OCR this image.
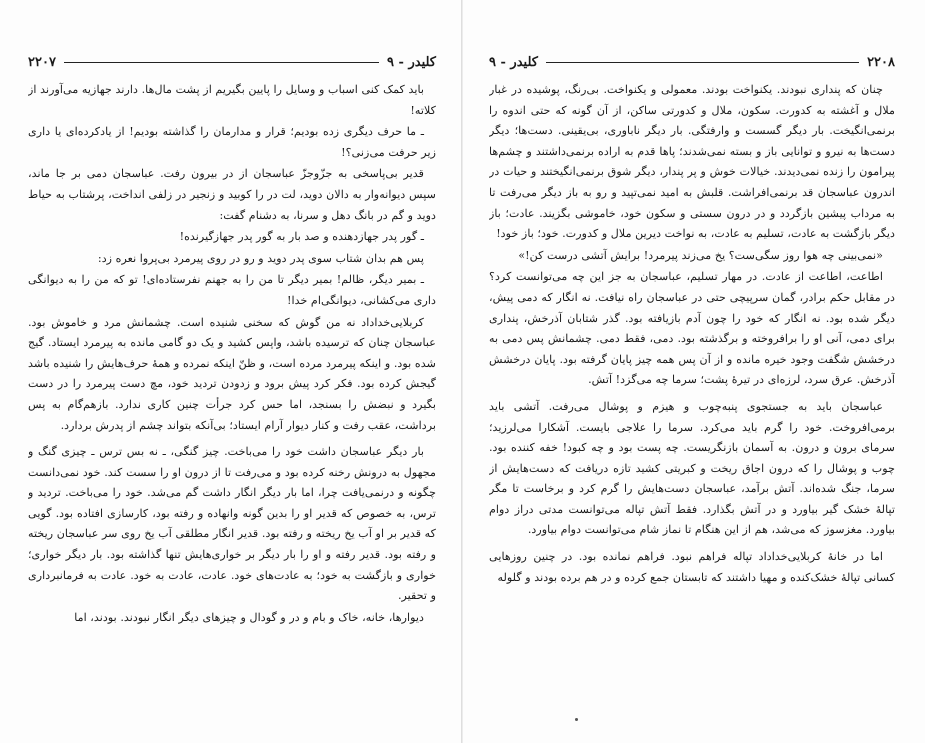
کلیدر - ۹
۲۲۰۷

باید کمک کنی اسباب و وسایل را پایین بگیریم از پشت مال‌ها. دارند جهازیه می‌آورند از کلاته!

ـ ما حرف دیگری زده بودیم؛ قرار و مدارمان را گذاشته بودیم! از یادکرده‌ای یا داری زیر حرفت می‌زنی؟!

قدیر بی‌پاسخی به جزّوجزّ عباسجان از در بیرون رفت. عباسجان دمی بر جا ماند، سپس دیوانه‌وار به دالان دوید، لت در را کوبید و زنجیر در زلفی انداخت، پرشتاب به حیاط دوید و گم در بانگ دهل و سرنا، به دشنام گفت:

ـ گور پدر جهازدهنده و صد بار به گور پدر جهازگیرنده!

پس هم بدان شتاب سوی پدر دوید و رو در روی پیرمرد بی‌پروا نعره زد:

ـ بمیر دیگر، ظالم! بمیر دیگر تا من را به جهنم نفرستاده‌ای! تو که من را به دیوانگی داری می‌کشانی، دیوانگی‌ام خدا!

کربلایی‌خداداد نه من گوش که سخنی شنیده است. چشمانش مرد و خاموش بود. عباسجان چنان که ترسیده باشد، واپس کشید و یک دو گامی مانده به پیرمرد ایستاد. گیج شده بود. و اینکه پیرمرد مرده است، و ظنّ اینکه نمرده و همهٔ حرف‌هایش را شنیده باشد گیجش کرده بود. فکر کرد پیش برود و زدودن تردید خود، مچ دست پیرمرد را در دست بگیرد و نبضش را بسنجد، اما حس کرد جرأت چنین کاری ندارد. بازهم‌گام به پس برداشت، عقب رفت و کنار دیوار آرام ایستاد؛ بی‌آنکه بتواند چشم از پدرش بردارد.

بار دیگر عباسجان داشت خود را می‌باخت. چیز گنگی، ـ نه بس ترس ـ چیزی گنگ و مجهول به درونش رخنه کرده بود و می‌رفت تا از درون او را سست کند. خود نمی‌دانست چگونه و درنمی‌یافت چرا، اما بار دیگر انگار داشت گم می‌شد. خود را می‌باخت. تردید و ترس، به خصوص که قدیر او را بدین گونه وانهاده و رفته بود، کارسازی افتاده بود. گویی که قدیر بر او آب یخ ریخته و رفته بود. قدیر انگار مطلقی آب یخ روی سر عباسجان ریخته و رفته بود. قدیر رفته و او را بار دیگر بر خواری‌هایش تنها گذاشته بود. بار دیگر خواری؛ خواری و بازگشت به خود؛ به عادت‌های خود. عادت، عادت به خود. عادت به فرمانبرداری و تحقیر.

دیوارها، خانه، خاک و بام و در و گودال و چیزهای دیگر انگار نبودند. بودند، اما

۲۲۰۸
کلیدر - ۹

چنان که پنداری نبودند. یکنواخت بودند. معمولی و یکنواخت. بی‌رنگ، پوشیده در غبار ملال و آغشته به کدورت. سکون، ملال و کدورتی ساکن، از آن گونه که حتی اندوه را برنمی‌انگیخت. بار دیگر گسست و وارفتگی. بار دیگر ناباوری، بی‌یقینی. دست‌ها؛ دیگر دست‌ها به نیرو و توانایی باز و بسته نمی‌شدند؛ پاها قدم به اراده برنمی‌داشتند و چشم‌ها پیرامون را زنده نمی‌دیدند. خیالات خوش و پر پندار، دیگر شوق برنمی‌انگیختند و حیات در اندرون عباسجان قد برنمی‌افراشت. قلبش به امید نمی‌تپید و رو به باز دیگر می‌رفت تا به مرداب پیشین بازگردد و در درون سستی و سکون خود، خاموشی بگزیند. عادت؛ باز دیگر بازگشت به عادت، تسلیم به عادت، به نواخت دیرین ملال و کدورت. خود؛ باز خود!

«نمی‌بینی چه هوا روز سگی‌ست؟ یخ می‌زند پیرمرد! برایش آتشی درست کن!»

اطاعت، اطاعت از عادت. در مهار تسلیم، عباسجان به جز این چه می‌توانست کرد؟ در مقابل حکم برادر، گمان سرپیچی حتی در عباسجان راه نیافت. نه انگار که دمی پیش، دیگر شده بود. نه انگار که خود را چون آدم بازیافته بود. گذر شتابان آذرخش، پنداری برای دمی، آنی او را برافروخته و برگذشته بود. دمی، فقط دمی. چشمانش پس دمی به درخشش شگفت وجود خیره مانده و از آن پس همه چیز پایان گرفته بود. پایان درخشش آذرخش. عرق سرد، لرزه‌ای در تیرهٔ پشت؛ سرما چه می‌گزد! آتش.

عباسجان باید به جستجوی پنبه‌چوب و هیزم و پوشال می‌رفت. آتشی باید برمی‌افروخت. خود را گرم باید می‌کرد. سرما را علاجی بایست. آشکارا می‌لرزید؛ سرمای برون و درون. به آسمان بازنگریست. چه پست بود و چه کبود! خفه کننده بود. چوب و پوشال را که درون اجاق ریخت و کبریتی کشید تازه دریافت که دست‌هایش از سرما، جنگ شده‌اند. آتش برآمد، عباسجان دست‌هایش را گرم کرد و برخاست تا مگر تپالهٔ خشک گیر بیاورد و در آتش بگذارد. فقط آتش تپاله می‌توانست مدتی دراز دوام بیاورد. مغزسوز که می‌شد، هم از این هنگام تا نماز شام می‌توانست دوام بیاورد.

اما در خانهٔ کربلایی‌خداداد تپاله فراهم نبود. فراهم نمانده بود. در چنین روزهایی کسانی تپالهٔ خشک‌کنده و مهیا داشتند که تابستان جمع کرده و در هم برده بودند و گلوله
